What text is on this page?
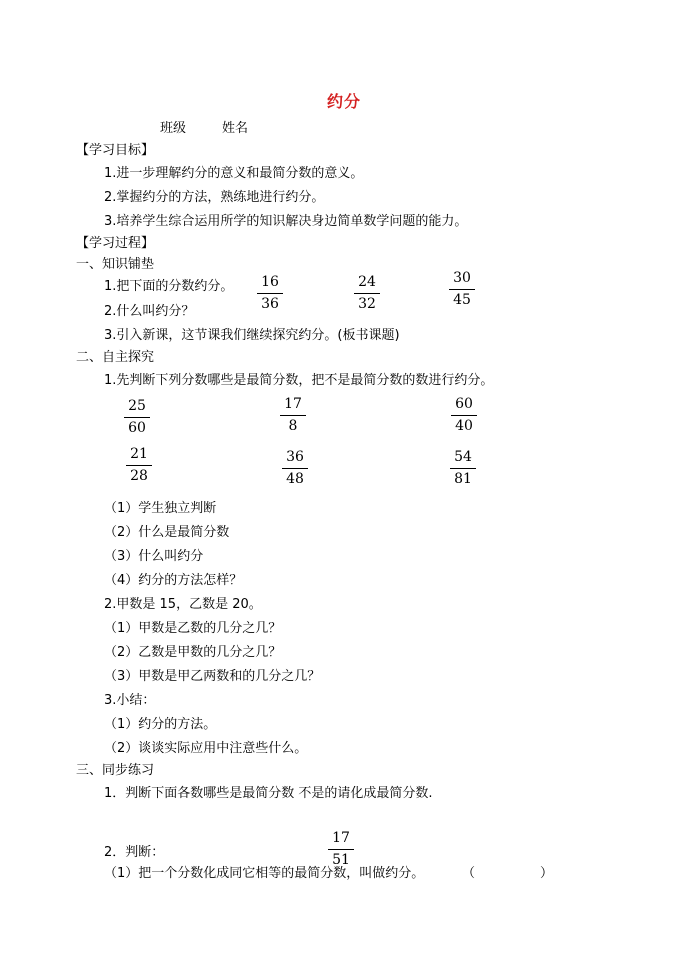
约分
班级	姓名
【学习目标】
1.进一步理解约分的意义和最简分数的意义。
2.掌握约分的方法，熟练地进行约分。
3.培养学生综合运用所学的知识解决身边简单数学问题的能力。
【学习过程】
一、知识铺垫
1.把下面的分数约分。 16
36
24
32
30
45
2.什么叫约分？
3.引入新课，这节课我们继续探究约分。(板书课题)
二、自主探究
1.先判断下列分数哪些是最简分数，把不是最简分数的数进行约分。
25
60
17
8
60
40
21
28
36
48
54
81
（1）学生独立判断
（2）什么是最简分数
（3）什么叫约分
（4）约分的方法怎样？
2.甲数是 15，乙数是 20。
（1）甲数是乙数的几分之几？
（2）乙数是甲数的几分之几？
（3）甲数是甲乙两数和的几分之几？
3.小结：
（1）约分的方法。
（2）谈谈实际应用中注意些什么。
三、同步练习
1．判断下面各数哪些是最简分数 不是的请化成最简分数.
17
51
2．判断：
（1）把一个分数化成同它相等的最简分数，叫做约分。	（　　　　　）
